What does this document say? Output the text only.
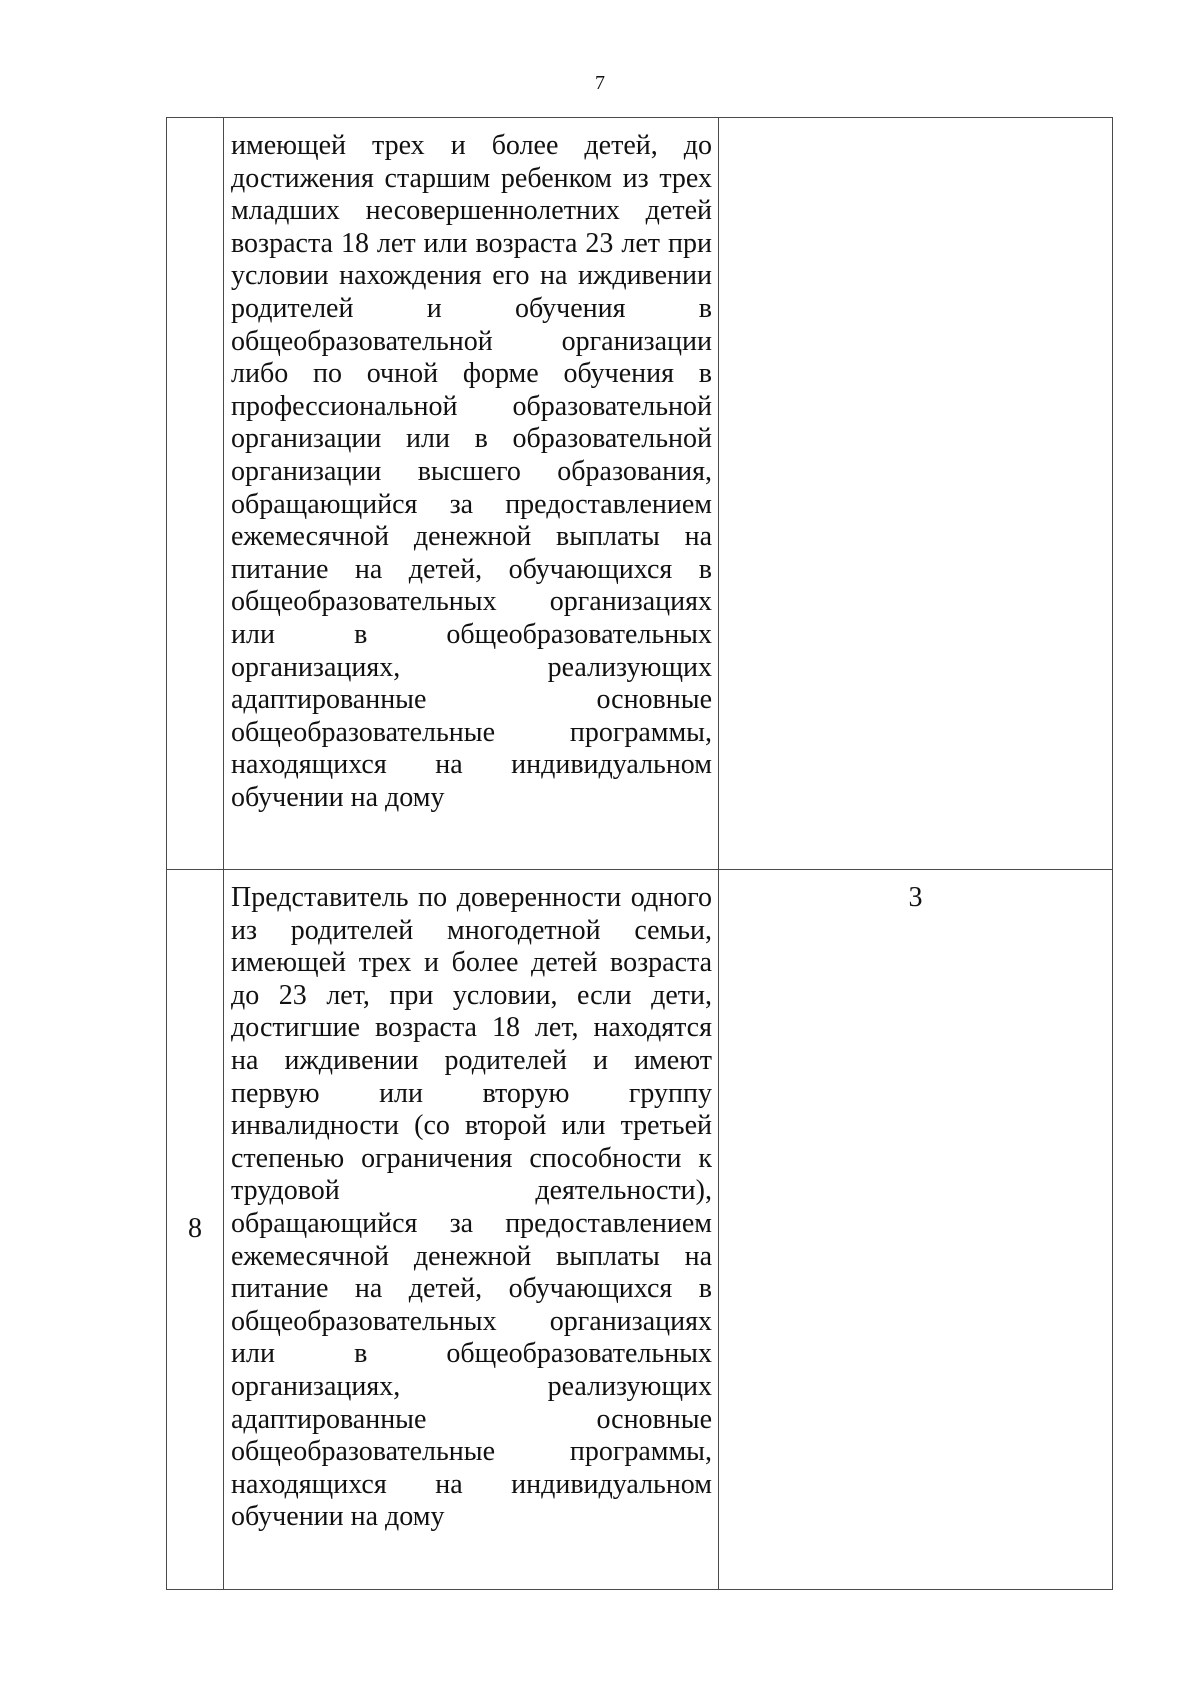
7
	имеющей трех и более детей, до достижения старшим ребенком из трех младших несовершеннолетних детей возраста 18 лет или возраста 23 лет при условии нахождения его на иждивении родителей и обучения в общеобразовательной организации либо по очной форме обучения в профессиональной образовательной организации или в образовательной организации высшего образования, обращающийся за предоставлением ежемесячной денежной выплаты на питание на детей, обучающихся в общеобразовательных организациях или в общеобразовательных организациях, реализующих адаптированные основные общеобразовательные программы, находящихся на индивидуальном обучении на дому	
8	Представитель по доверенности одного из родителей многодетной семьи, имеющей трех и более детей возраста до 23 лет, при условии, если дети, достигшие возраста 18 лет, находятся на иждивении родителей и имеют первую или вторую группу инвалидности (со второй или третьей степенью ограничения способности к трудовой деятельности), обращающийся за предоставлением ежемесячной денежной выплаты на питание на детей, обучающихся в общеобразовательных организациях или в общеобразовательных организациях, реализующих адаптированные основные общеобразовательные программы, находящихся на индивидуальном обучении на дому	3
